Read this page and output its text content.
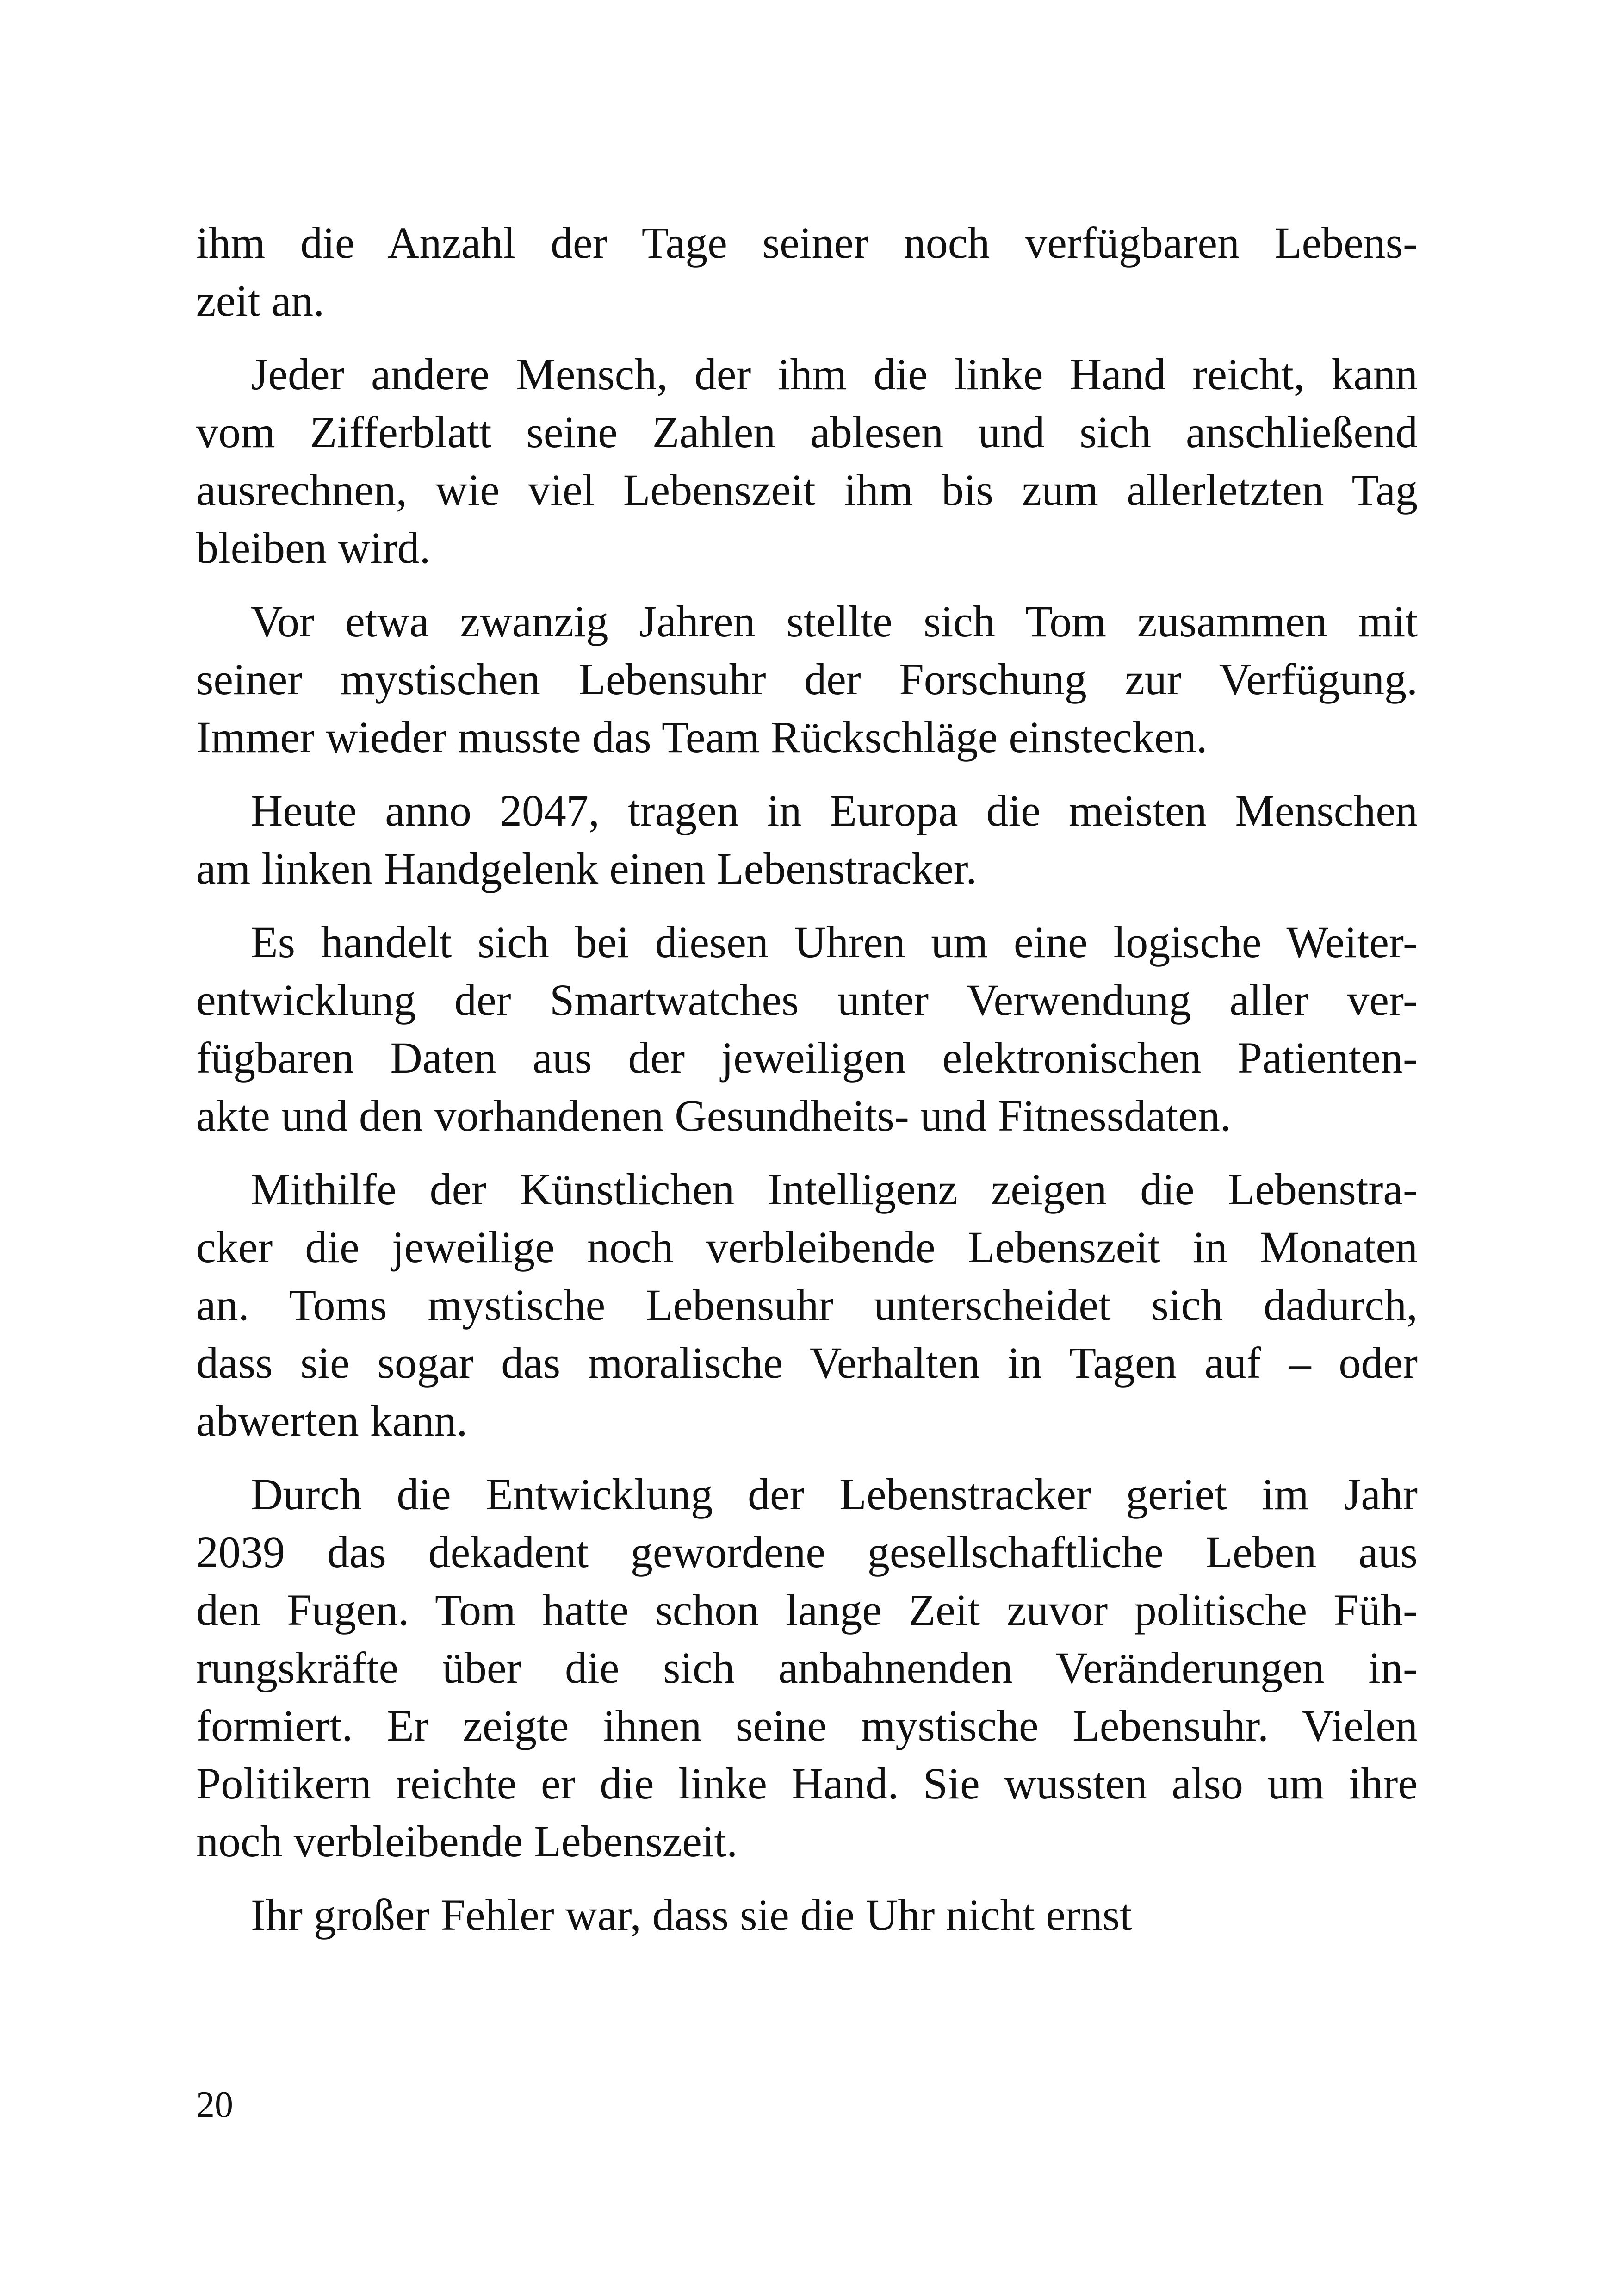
ihm die Anzahl der Tage seiner noch verfügbaren Lebens-
zeit an.

Jeder andere Mensch, der ihm die linke Hand reicht, kann
vom Zifferblatt seine Zahlen ablesen und sich anschließend
ausrechnen, wie viel Lebenszeit ihm bis zum allerletzten Tag
bleiben wird.

Vor etwa zwanzig Jahren stellte sich Tom zusammen mit
seiner mystischen Lebensuhr der Forschung zur Verfügung.
Immer wieder musste das Team Rückschläge einstecken.

Heute anno 2047, tragen in Europa die meisten Menschen
am linken Handgelenk einen Lebenstracker.

Es handelt sich bei diesen Uhren um eine logische Weiter-
entwicklung der Smartwatches unter Verwendung aller ver-
fügbaren Daten aus der jeweiligen elektronischen Patienten-
akte und den vorhandenen Gesundheits- und Fitnessdaten.

Mithilfe der Künstlichen Intelligenz zeigen die Lebenstra-
cker die jeweilige noch verbleibende Lebenszeit in Monaten
an. Toms mystische Lebensuhr unterscheidet sich dadurch,
dass sie sogar das moralische Verhalten in Tagen auf – oder
abwerten kann.

Durch die Entwicklung der Lebenstracker geriet im Jahr
2039 das dekadent gewordene gesellschaftliche Leben aus
den Fugen. Tom hatte schon lange Zeit zuvor politische Füh-
rungskräfte über die sich anbahnenden Veränderungen in-
formiert. Er zeigte ihnen seine mystische Lebensuhr. Vielen
Politikern reichte er die linke Hand. Sie wussten also um ihre
noch verbleibende Lebenszeit.

Ihr großer Fehler war, dass sie die Uhr nicht ernst

20
